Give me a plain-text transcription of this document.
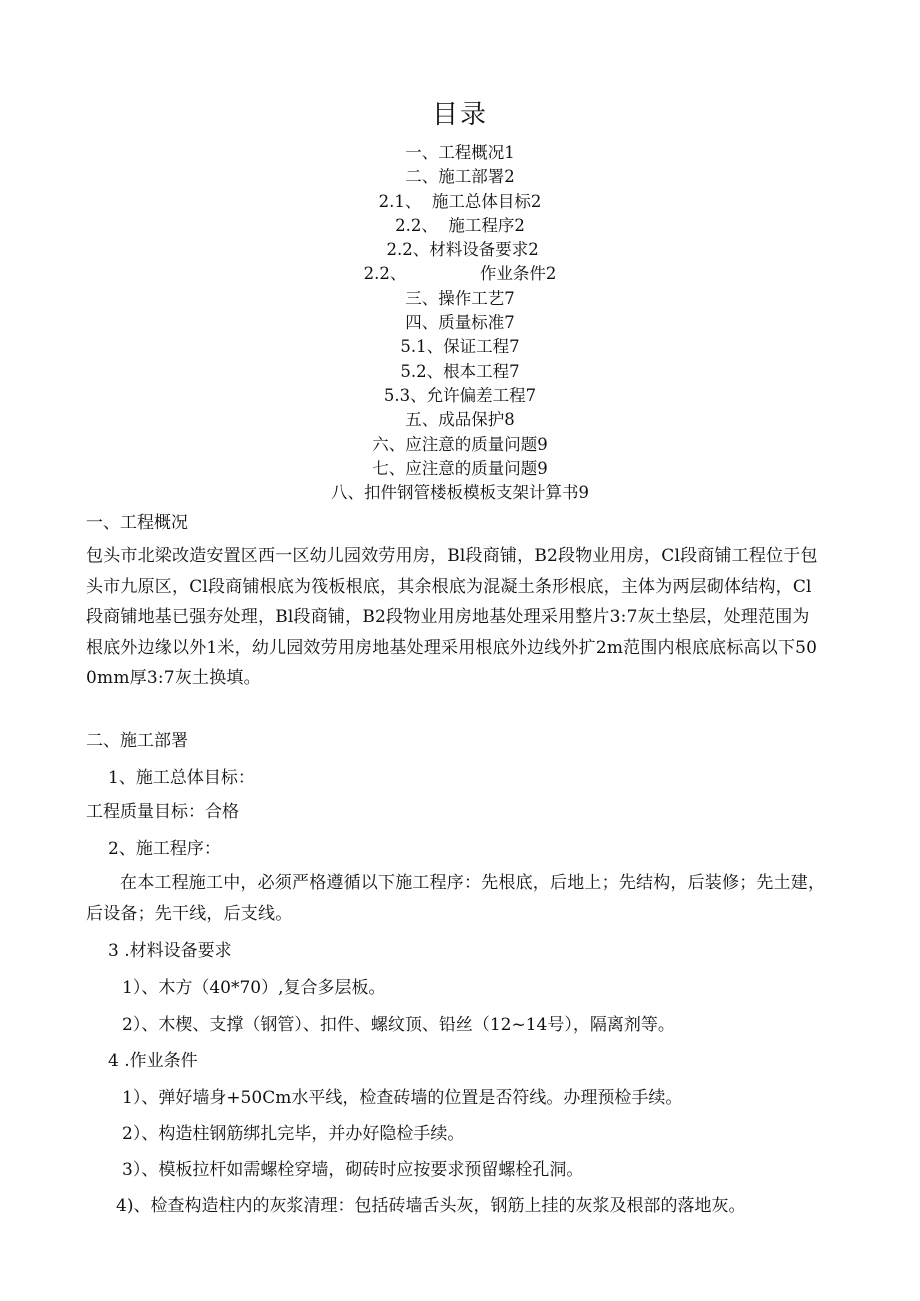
目录
一、工程概况1
二、施工部署2
2.1、  施工总体目标2
2.2、  施工程序2
2.2、材料设备要求2
2.2、              作业条件2
三、操作工艺7
四、质量标准7
5.1、保证工程7
5.2、根本工程7
5.3、允许偏差工程7
五、成品保护8
六、应注意的质量问题9
七、应注意的质量问题9
八、扣件钢管楼板模板支架计算书9
一、工程概况
包头市北梁改造安置区西一区幼儿园效劳用房，Bl段商铺，B2段物业用房，Cl段商铺工程位于包头市九原区，Cl段商铺根底为筏板根底，其余根底为混凝土条形根底，主体为两层砌体结构，Cl段商铺地基已强夯处理，Bl段商铺，B2段物业用房地基处理采用整片3:7灰土垫层，处理范围为根底外边缘以外1米，幼儿园效劳用房地基处理采用根底外边线外扩2m范围内根底底标高以下500mm厚3:7灰土换填。
二、施工部署
1、施工总体目标：
工程质量目标：合格
2、施工程序：
在本工程施工中，必须严格遵循以下施工程序：先根底，后地上；先结构，后装修；先土建，后设备；先干线，后支线。
3 .材料设备要求
1）、木方（40*70）,复合多层板。
2）、木楔、支撑（钢管）、扣件、螺纹顶、铅丝（12~14号），隔离剂等。
4 .作业条件
1）、弹好墙身+50Cm水平线，检查砖墙的位置是否符线。办理预检手续。
2）、构造柱钢筋绑扎完毕，并办好隐检手续。
3）、模板拉杆如需螺栓穿墙，砌砖时应按要求预留螺栓孔洞。
4)、检查构造柱内的灰浆清理：包括砖墙舌头灰，钢筋上挂的灰浆及根部的落地灰。
